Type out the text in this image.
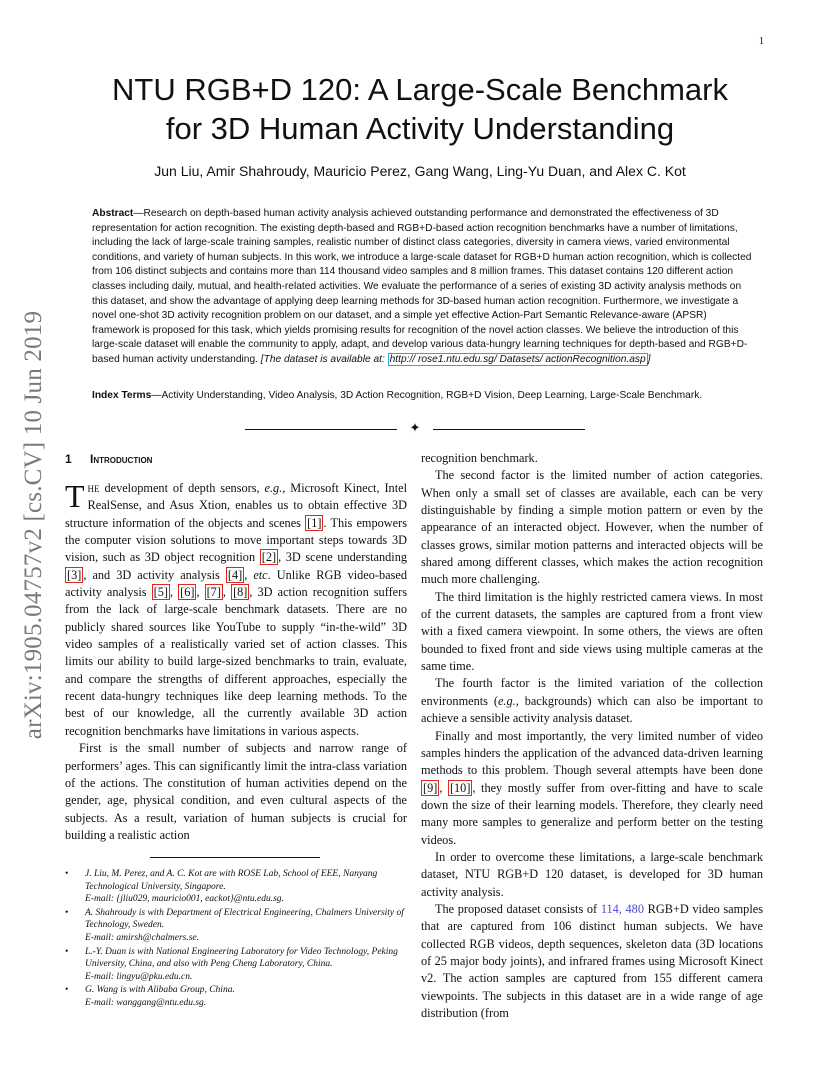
1
arXiv:1905.04757v2 [cs.CV] 10 Jun 2019
NTU RGB+D 120: A Large-Scale Benchmark
for 3D Human Activity Understanding
Jun Liu, Amir Shahroudy, Mauricio Perez, Gang Wang, Ling-Yu Duan, and Alex C. Kot

Abstract—Research on depth-based human activity analysis achieved outstanding performance and demonstrated the effectiveness of 3D representation for action recognition. The existing depth-based and RGB+D-based action recognition benchmarks have a number of limitations, including the lack of large-scale training samples, realistic number of distinct class categories, diversity in camera views, varied environmental conditions, and variety of human subjects. In this work, we introduce a large-scale dataset for RGB+D human action recognition, which is collected from 106 distinct subjects and contains more than 114 thousand video samples and 8 million frames. This dataset contains 120 different action classes including daily, mutual, and health-related activities. We evaluate the performance of a series of existing 3D activity analysis methods on this dataset, and show the advantage of applying deep learning methods for 3D-based human action recognition. Furthermore, we investigate a novel one-shot 3D activity recognition problem on our dataset, and a simple yet effective Action-Part Semantic Relevance-aware (APSR) framework is proposed for this task, which yields promising results for recognition of the novel action classes. We believe the introduction of this large-scale dataset will enable the community to apply, adapt, and develop various data-hungry learning techniques for depth-based and RGB+D-based human activity understanding. [The dataset is available at: http:// rose1.ntu.edu.sg/ Datasets/ actionRecognition.asp ]

Index Terms—Activity Understanding, Video Analysis, 3D Action Recognition, RGB+D Vision, Deep Learning, Large-Scale Benchmark.

✦
1 Introduction

The development of depth sensors, e.g., Microsoft Kinect, Intel RealSense, and Asus Xtion, enables us to obtain effective 3D structure information of the objects and scenes [1] . This empowers the computer vision solutions to move important steps towards 3D vision, such as 3D object recognition [2] , 3D scene understanding [3] , and 3D activity analysis [4] , etc. Unlike RGB video-based activity analysis [5] , [6] , [7] , [8] , 3D action recognition suffers from the lack of large-scale benchmark datasets. There are no publicly shared sources like YouTube to supply “in-the-wild” 3D video samples of a realistically varied set of action classes. This limits our ability to build large-sized benchmarks to train, evaluate, and compare the strengths of different approaches, especially the recent data-hungry techniques like deep learning methods. To the best of our knowledge, all the currently available 3D action recognition benchmarks have limitations in various aspects.

First is the small number of subjects and narrow range of performers’ ages. This can significantly limit the intra-class variation of the actions. The constitution of human activities depend on the gender, age, physical condition, and even cultural aspects of the subjects. As a result, variation of human subjects is crucial for building a realistic action

recognition benchmark.

The second factor is the limited number of action categories. When only a small set of classes are available, each can be very distinguishable by finding a simple motion pattern or even by the appearance of an interacted object. However, when the number of classes grows, similar motion patterns and interacted objects will be shared among different classes, which makes the action recognition much more challenging.

The third limitation is the highly restricted camera views. In most of the current datasets, the samples are captured from a front view with a fixed camera viewpoint. In some others, the views are often bounded to fixed front and side views using multiple cameras at the same time.

The fourth factor is the limited variation of the collection environments (e.g., backgrounds) which can also be important to achieve a sensible activity analysis dataset.

Finally and most importantly, the very limited number of video samples hinders the application of the advanced data-driven learning methods to this problem. Though several attempts have been done [9] , [10] , they mostly suffer from over-fitting and have to scale down the size of their learning models. Therefore, they clearly need many more samples to generalize and perform better on the testing videos.

In order to overcome these limitations, a large-scale benchmark dataset, NTU RGB+D 120 dataset, is developed for 3D human activity analysis.

The proposed dataset consists of 114, 480 RGB+D video samples that are captured from 106 distinct human subjects. We have collected RGB videos, depth sequences, skeleton data (3D locations of 25 major body joints), and infrared frames using Microsoft Kinect v2. The action samples are captured from 155 different camera viewpoints. The subjects in this dataset are in a wide range of age distribution (from

• J. Liu, M. Perez, and A. C. Kot are with ROSE Lab, School of EEE, Nanyang Technological University, Singapore.
E-mail: {jliu029, mauricio001, eackot}@ntu.edu.sg.
• A. Shahroudy is with Department of Electrical Engineering, Chalmers University of Technology, Sweden.
E-mail: amirsh@chalmers.se.
• L.-Y. Duan is with National Engineering Laboratory for Video Technology, Peking University, China, and also with Peng Cheng Laboratory, China.
E-mail: lingyu@pku.edu.cn.
• G. Wang is with Alibaba Group, China.
E-mail: wanggang@ntu.edu.sg.
